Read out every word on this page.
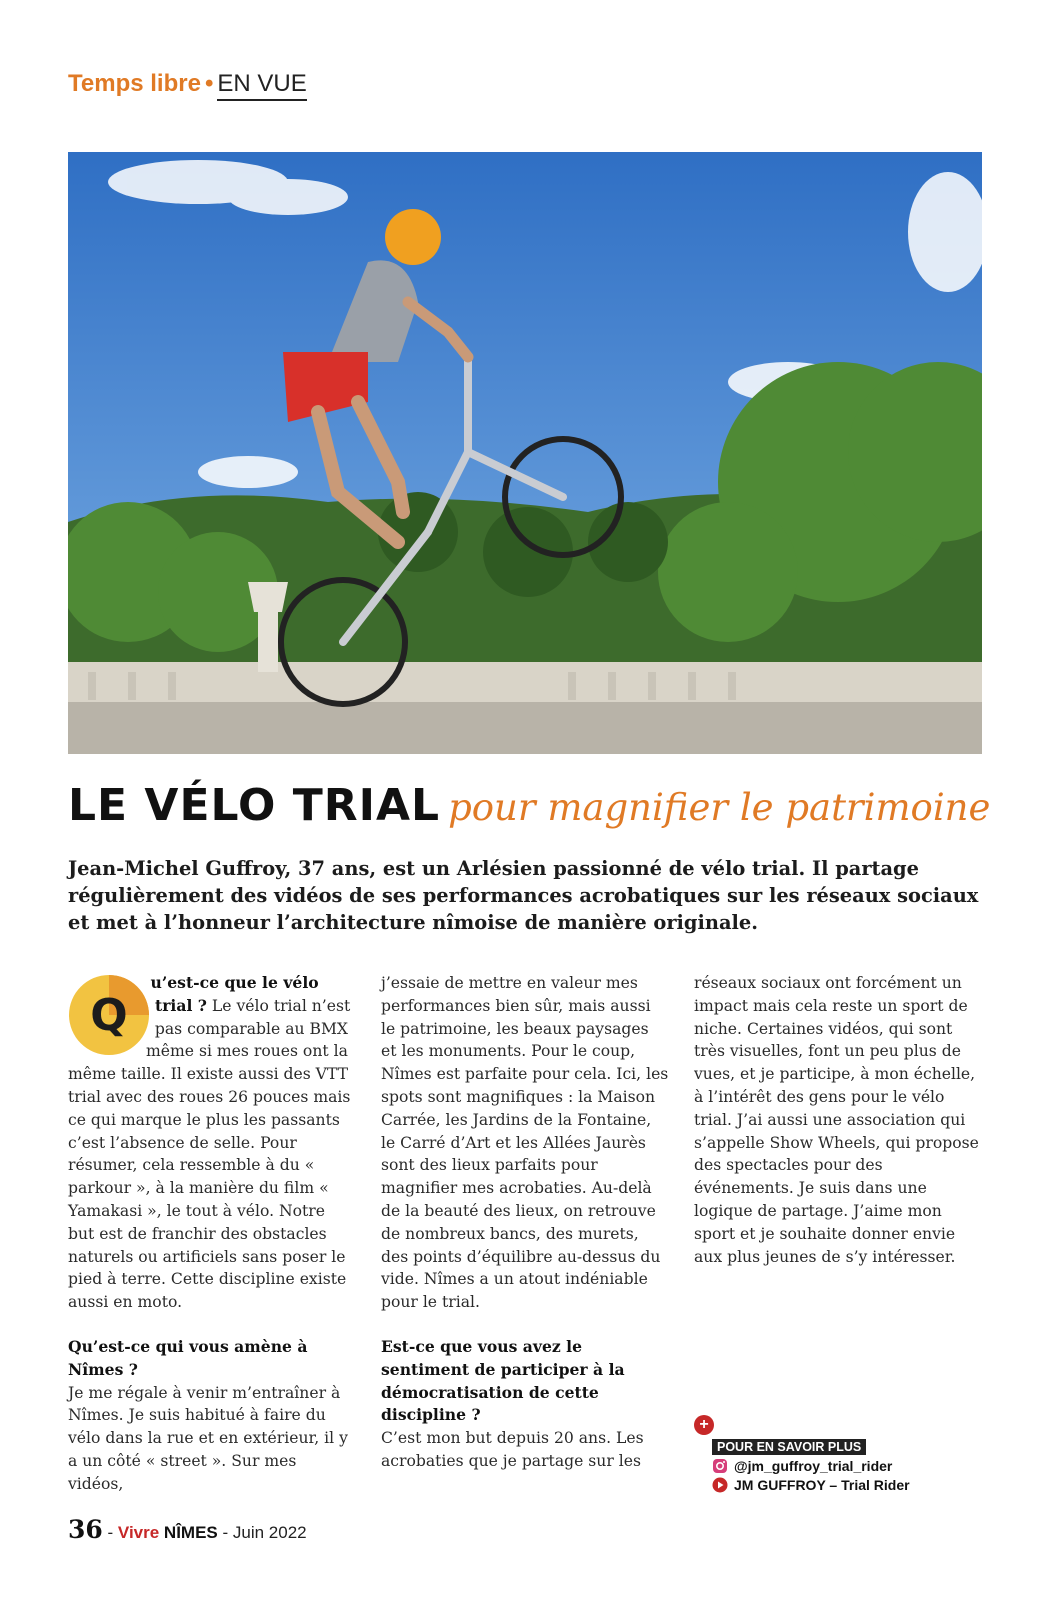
Temps libre • EN VUE
LE VÉLO TRIAL pour magnifier le patrimoine
Jean-Michel Guffroy, 37 ans, est un Arlésien passionné de vélo trial. Il partage régulièrement des vidéos de ses performances acrobatiques sur les réseaux sociaux et met à l’honneur l’architecture nîmoise de manière originale.
Q

u’est-ce que le vélo trial ? Le vélo trial n’est pas comparable au BMX même si mes roues ont la même taille. Il existe aussi des VTT trial avec des roues 26 pouces mais ce qui marque le plus les passants c’est l’absence de selle. Pour résumer, cela ressemble à du « parkour », à la manière du film « Yamakasi », le tout à vélo. Notre but est de franchir des obstacles naturels ou artificiels sans poser le pied à terre. Cette discipline existe aussi en moto.

Qu’est-ce qui vous amène à Nîmes ?

Je me régale à venir m’entraîner à Nîmes. Je suis habitué à faire du vélo dans la rue et en extérieur, il y a un côté « street ». Sur mes vidéos,

j’essaie de mettre en valeur mes performances bien sûr, mais aussi le patrimoine, les beaux paysages et les monuments. Pour le coup, Nîmes est parfaite pour cela. Ici, les spots sont magnifiques : la Maison Carrée, les Jardins de la Fontaine, le Carré d’Art et les Allées Jaurès sont des lieux parfaits pour magnifier mes acrobaties. Au-delà de la beauté des lieux, on retrouve de nombreux bancs, des murets, des points d’équilibre au-dessus du vide. Nîmes a un atout indéniable pour le trial.

Est-ce que vous avez le sentiment de participer à la démocratisation de cette discipline ?

C’est mon but depuis 20 ans. Les acrobaties que je partage sur les

réseaux sociaux ont forcément un impact mais cela reste un sport de niche. Certaines vidéos, qui sont très visuelles, font un peu plus de vues, et je participe, à mon échelle, à l’intérêt des gens pour le vélo trial. J’ai aussi une association qui s’appelle Show Wheels, qui propose des spectacles pour des événements. Je suis dans une logique de partage. J’aime mon sport et je souhaite donner envie aux plus jeunes de s’y intéresser.

+
POUR EN SAVOIR PLUS
@jm_guffroy_trial_rider
JM GUFFROY – Trial Rider
36 - Vivre NÎMES - Juin 2022
